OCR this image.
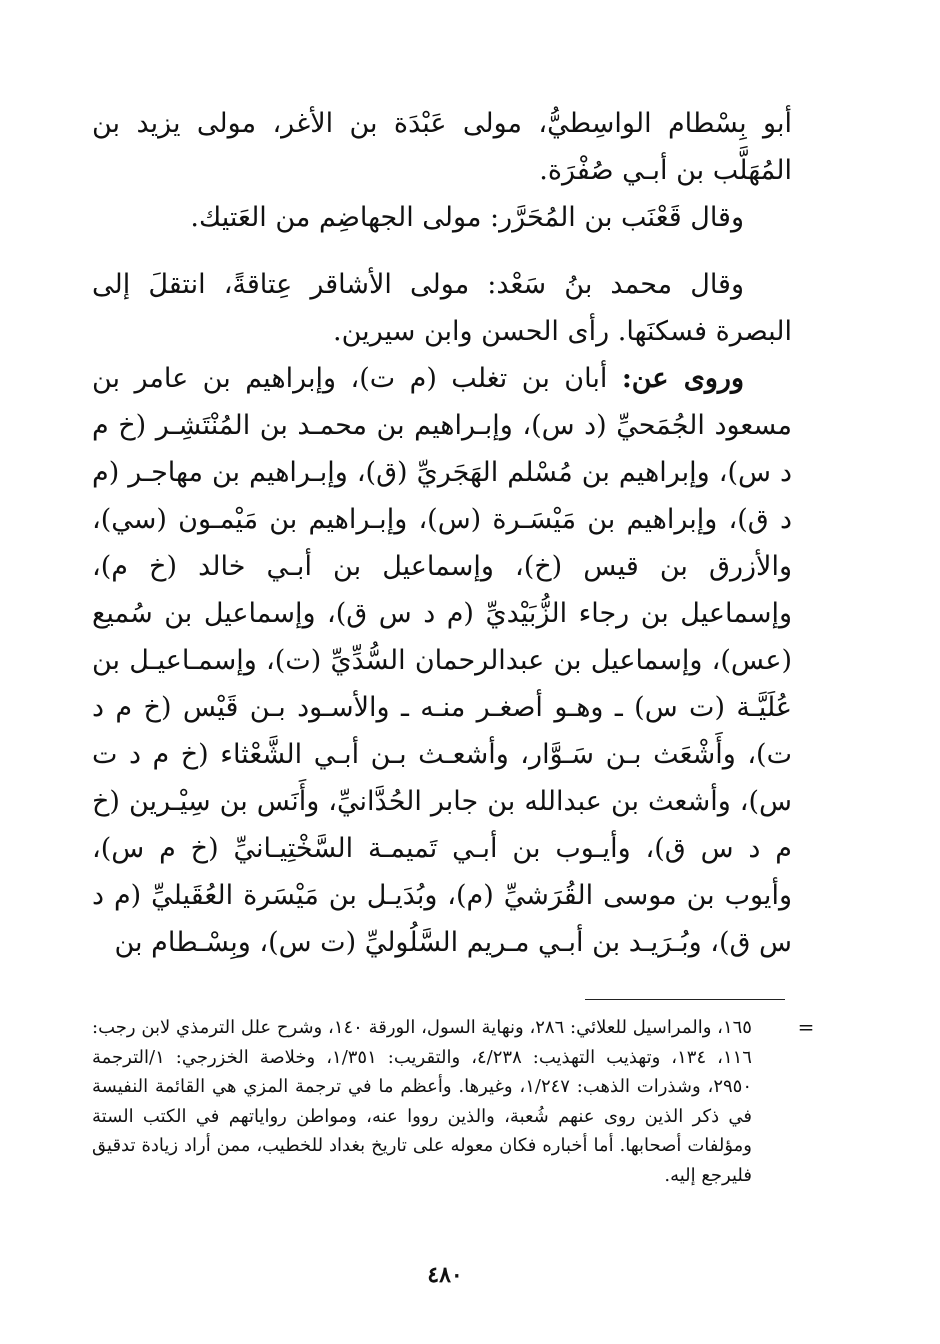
أبو بِسْطام الواسِطيُّ، مولى عَبْدَة بن الأغر، مولى يزيد بن المُهَلَّب بن أبـي صُفْرَة.

وقال قَعْنَب بن المُحَرَّر: مولى الجهاضِم من العَتيك.

وقال محمد بنُ سَعْد: مولى الأشاقر عِتاقةً، انتقلَ إلى البصرة فسكنَها. رأى الحسن وابن سيرين.

وروى عن: أبان بن تغلب (م ت)، وإبراهيم بن عامر بن مسعود الجُمَحيِّ (د س)، وإبـراهيم بن محمـد بن المُنْتَشِـر (خ م د س)، وإبراهيم بن مُسْلم الهَجَريِّ (ق)، وإبـراهيم بن مهاجـر (م د ق)، وإبراهيم بن مَيْسَـرة (س)، وإبـراهيم بن مَيْمـون (سي)، والأزرق بن قيس (خ)، وإسماعيل بن أبـي خالد (خ م)، وإسماعيل بن رجاء الزُّبَيْديِّ (م د س ق)، وإسماعيل بن سُميع (عس)، وإسماعيل بن عبدالرحمان السُّدِّيِّ (ت)، وإسمـاعيـل بن عُلَيَّـة (ت س) ـ وهـو أصغـر منـه ـ والأسـود بـن قَيْس (خ م د ت)، وأَشْعَث بـن سَـوَّار، وأشعـث بـن أبـي الشَّعْثاء (خ م د ت س)، وأشعث بن عبدالله بن جابر الحُدَّانيِّ، وأَنَس بن سِيْـرين (خ م د س ق)، وأيـوب بن أبـي تَميمـة السَّخْتِيـانيِّ (خ م س)، وأيوب بن موسى القُرَشيِّ (م)، وبُدَيـل بن مَيْسَرة العُقَيليِّ (م د س ق)، وبُـرَيـد بن أبـي مـريم السَّلُوليِّ (ت س)، وبِسْـطام بن

=

١٦٥، والمراسيل للعلائي: ٢٨٦، ونهاية السول، الورقة ١٤٠، وشرح علل الترمذي لابن رجب: ١١٦، ١٣٤، وتهذيب التهذيب: ٤/٢٣٨، والتقريب: ١/٣٥١، وخلاصة الخزرجي: ١/الترجمة ٢٩٥٠، وشذرات الذهب: ١/٢٤٧، وغيرها. وأعظم ما في ترجمة المزي هي القائمة النفيسة في ذكر الذين روى عنهم شُعبة، والذين رووا عنه، ومواطن رواياتهم في الكتب الستة ومؤلفات أصحابها. أما أخباره فكان معوله على تاريخ بغداد للخطيب، ممن أراد زيادة تدقيق فليرجع إليه.

٤٨٠
